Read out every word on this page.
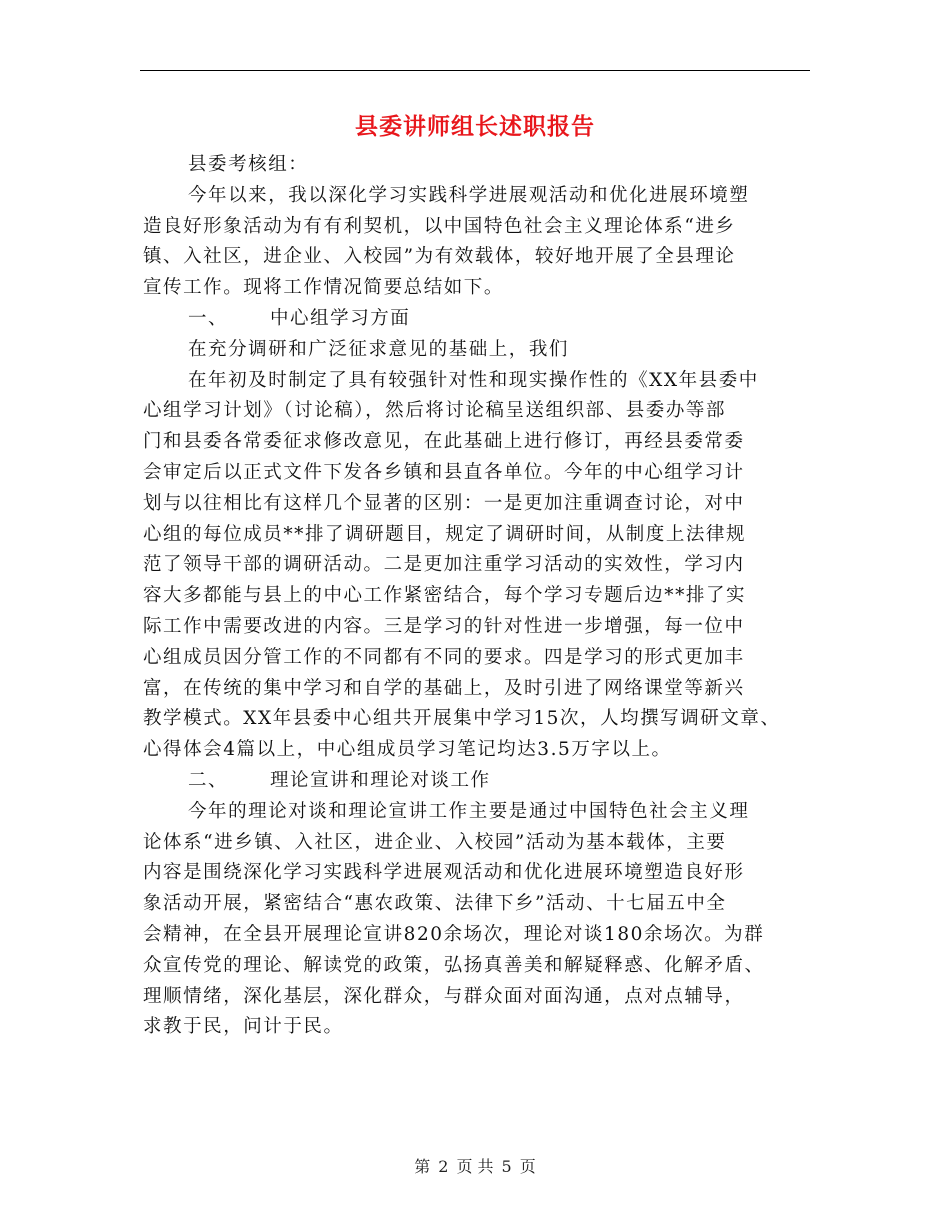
县委讲师组长述职报告
县委考核组：
今年以来，我以深化学习实践科学进展观活动和优化进展环境塑
造良好形象活动为有有利契机，以中国特色社会主义理论体系“进乡
镇、入社区，进企业、入校园”为有效载体，较好地开展了全县理论
宣传工作。现将工作情况简要总结如下。
一、 中心组学习方面
在充分调研和广泛征求意见的基础上，我们
在年初及时制定了具有较强针对性和现实操作性的《XX年县委中
心组学习计划》（讨论稿），然后将讨论稿呈送组织部、县委办等部
门和县委各常委征求修改意见，在此基础上进行修订，再经县委常委
会审定后以正式文件下发各乡镇和县直各单位。今年的中心组学习计
划与以往相比有这样几个显著的区别：一是更加注重调查讨论，对中
心组的每位成员**排了调研题目，规定了调研时间，从制度上法律规
范了领导干部的调研活动。二是更加注重学习活动的实效性，学习内
容大多都能与县上的中心工作紧密结合，每个学习专题后边**排了实
际工作中需要改进的内容。三是学习的针对性进一步增强，每一位中
心组成员因分管工作的不同都有不同的要求。四是学习的形式更加丰
富，在传统的集中学习和自学的基础上，及时引进了网络课堂等新兴
教学模式。XX年县委中心组共开展集中学习15次，人均撰写调研文章、
心得体会4篇以上，中心组成员学习笔记均达3.5万字以上。
二、 理论宣讲和理论对谈工作
今年的理论对谈和理论宣讲工作主要是通过中国特色社会主义理
论体系“进乡镇、入社区，进企业、入校园”活动为基本载体，主要
内容是围绕深化学习实践科学进展观活动和优化进展环境塑造良好形
象活动开展，紧密结合“惠农政策、法律下乡”活动、十七届五中全
会精神，在全县开展理论宣讲820余场次，理论对谈180余场次。为群
众宣传党的理论、解读党的政策，弘扬真善美和解疑释惑、化解矛盾、
理顺情绪，深化基层，深化群众，与群众面对面沟通，点对点辅导，
求教于民，问计于民。
第 2 页 共 5 页
